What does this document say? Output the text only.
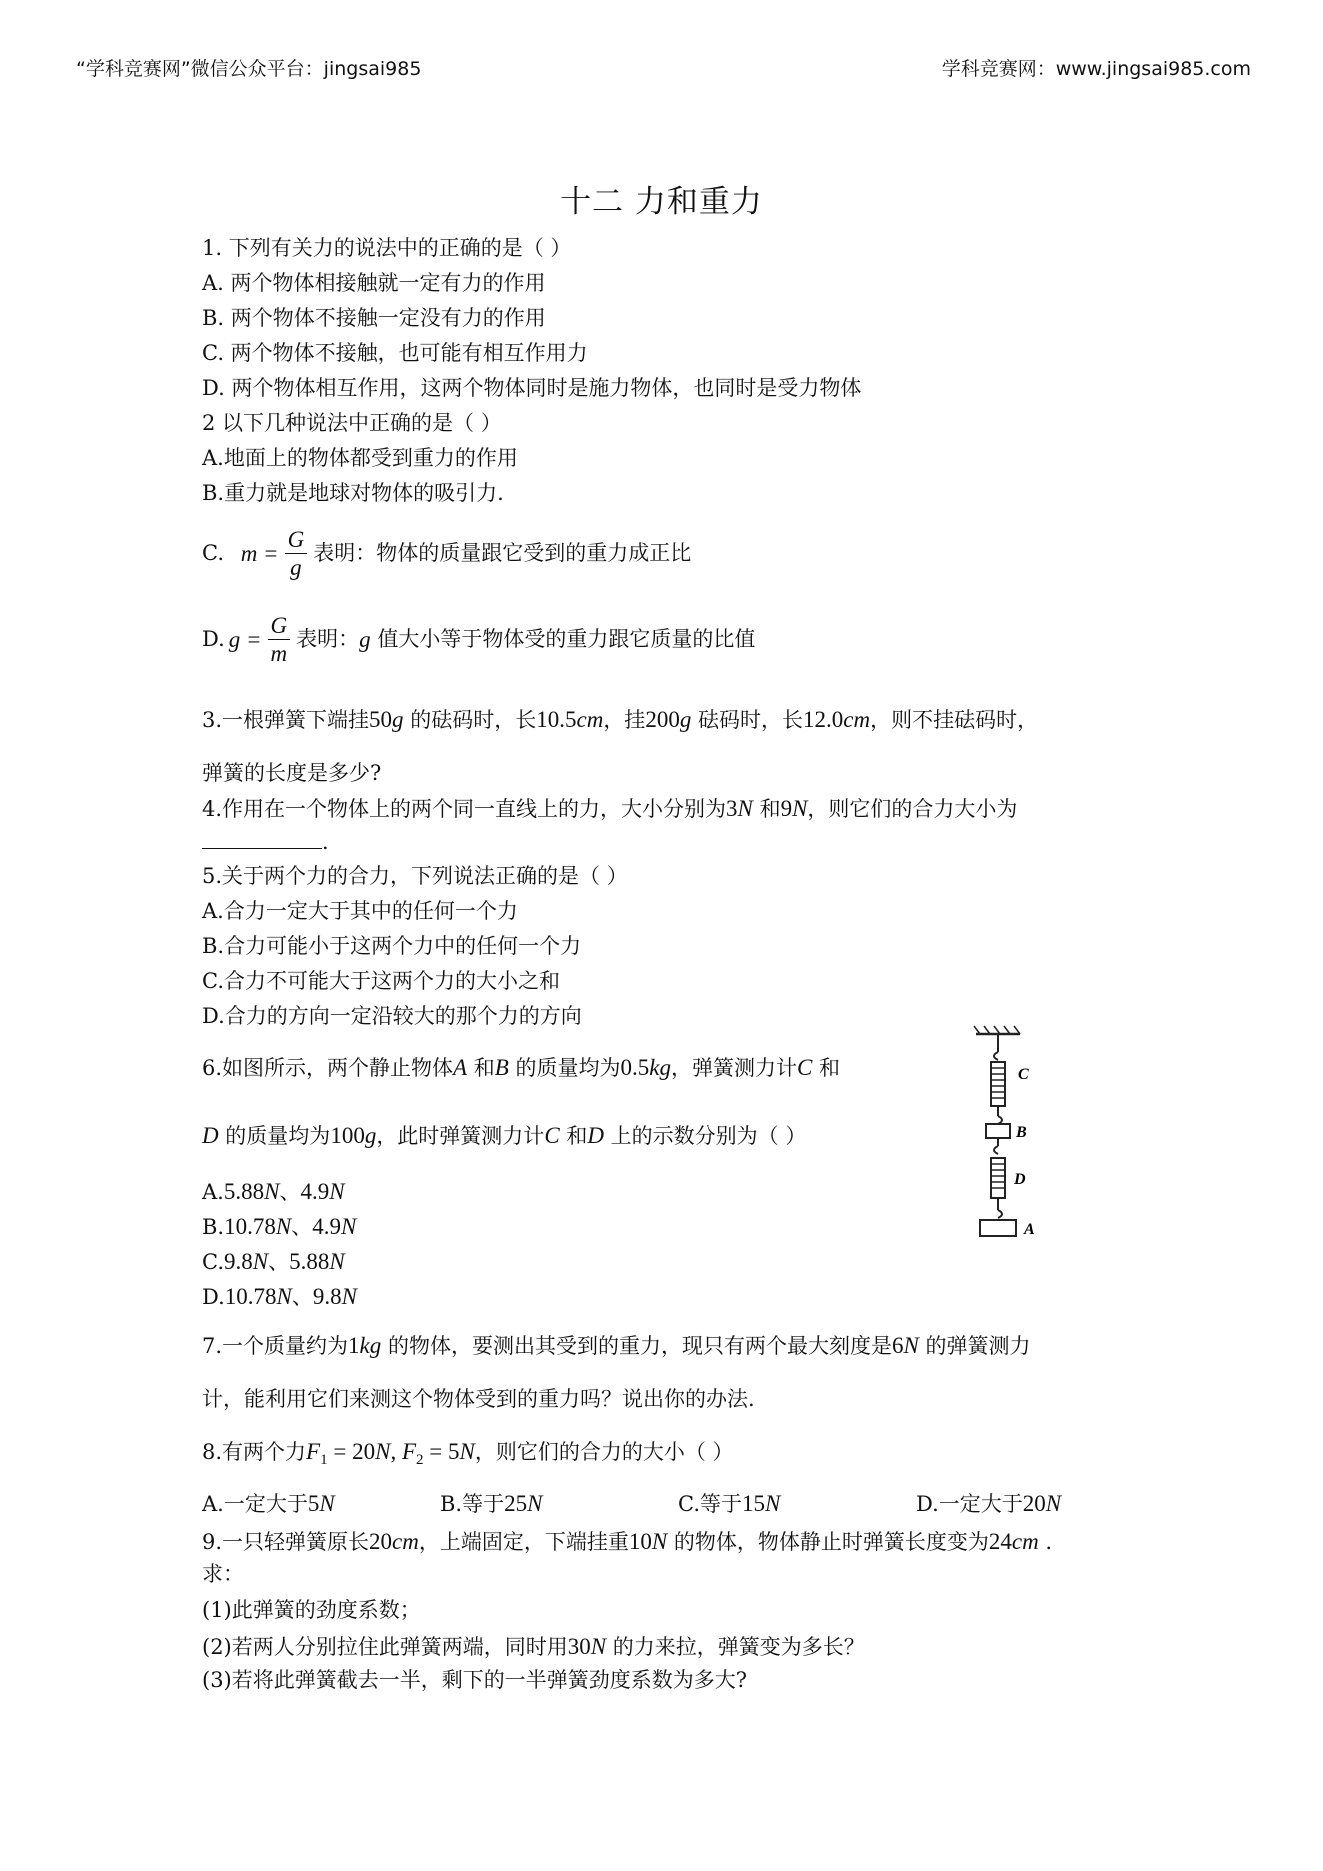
“学科竞赛网”微信公众平台：jingsai985	学科竞赛网：www.jingsai985.com
十二 力和重力
1. 下列有关力的说法中的正确的是（ ）
A. 两个物体相接触就一定有力的作用
B. 两个物体不接触一定没有力的作用
C. 两个物体不接触，也可能有相互作用力
D. 两个物体相互作用，这两个物体同时是施力物体，也同时是受力物体
2 以下几种说法中正确的是（ ）
A.地面上的物体都受到重力的作用
B.重力就是地球对物体的吸引力.
C. $m = \frac{G}{g}$ 表明：物体的质量跟它受到的重力成正比
D. $g = \frac{G}{m}$ 表明：g 值大小等于物体受的重力跟它质量的比值
3.一根弹簧下端挂50g 的砝码时，长10.5cm，挂200g 砝码时，长12.0cm，则不挂砝码时，
弹簧的长度是多少?
4.作用在一个物体上的两个同一直线上的力，大小分别为3N 和9N，则它们的合力大小为
.
5.关于两个力的合力，下列说法正确的是（ ）
A.合力一定大于其中的任何一个力
B.合力可能小于这两个力中的任何一个力
C.合力不可能大于这两个力的大小之和
D.合力的方向一定沿较大的那个力的方向
6.如图所示，两个静止物体A 和B 的质量均为0.5kg，弹簧测力计C 和
D 的质量均为100g，此时弹簧测力计C 和D 上的示数分别为（ ）
A.5.88N、4.9N
B.10.78N、4.9N
C.9.8N、5.88N
D.10.78N、9.8N
C
B
D
A
7.一个质量约为1kg 的物体，要测出其受到的重力，现只有两个最大刻度是6N 的弹簧测力
计，能利用它们来测这个物体受到的重力吗？说出你的办法.
8.有两个力$F_1 = 20N$, $F_2 = 5N$，则它们的合力的大小（ ）
A.一定大于5N	B.等于25N	C.等于15N	D.一定大于20N
9.一只轻弹簧原长20cm，上端固定，下端挂重10N 的物体，物体静止时弹簧长度变为24cm .
求：
(1)此弹簧的劲度系数；
(2)若两人分别拉住此弹簧两端，同时用30N 的力来拉，弹簧变为多长？
(3)若将此弹簧截去一半，剩下的一半弹簧劲度系数为多大?
